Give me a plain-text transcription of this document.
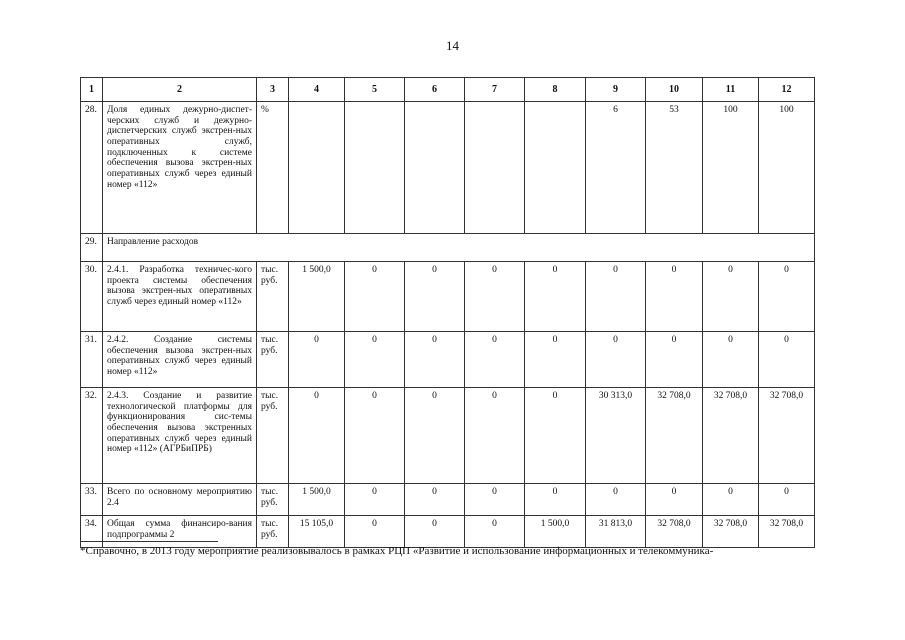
14
1	2	3	4	5	6	7	8	9	10	11	12
28.	Доля единых дежурно-диспет-черских служб и дежурно-диспетчерских служб экстрен-ных оперативных служб, подключенных к системе обеспечения вызова экстрен-ных оперативных служб через единый номер «112»	%						6	53	100	100
29.	Направление расходов										
30.	2.4.1. Разработка техничес-кого проекта системы обеспечения вызова экстрен-ных оперативных служб через единый номер «112»	тыс. руб.	1 500,0	0	0	0	0	0	0	0	0
31.	2.4.2. Создание системы обеспечения вызова экстрен-ных оперативных служб через единый номер «112»	тыс. руб.	0	0	0	0	0	0	0	0	0
32.	2.4.3. Создание и развитие технологической платформы для функционирования сис-темы обеспечения вызова экстренных оперативных служб через единый номер «112» (АГРБиПРБ)	тыс. руб.	0	0	0	0	0	30 313,0	32 708,0	32 708,0	32 708,0
33.	Всего по основному мероприятию 2.4	тыс. руб.	1 500,0	0	0	0	0	0	0	0	0
34.	Общая сумма финансиро-вания подпрограммы 2	тыс. руб.	15 105,0	0	0	0	1 500,0	31 813,0	32 708,0	32 708,0	32 708,0
*Справочно, в 2013 году мероприятие реализовывалось в рамках РЦП «Развитие и использование информационных и телекоммуника-
